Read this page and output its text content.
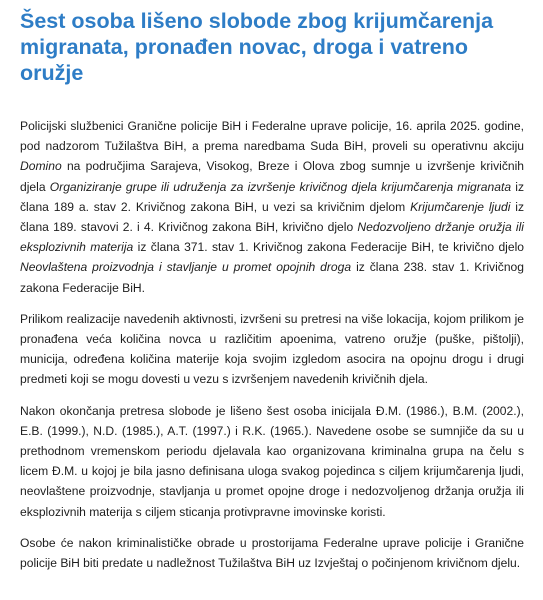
Šest osoba lišeno slobode zbog krijumčarenja migranata, pronađen novac, droga i vatreno oružje

Policijski službenici Granične policije BiH i Federalne uprave policije, 16. aprila 2025. godine, pod nadzorom Tužilaštva BiH, a prema naredbama Suda BiH, proveli su operativnu akciju Domino na područjima Sarajeva, Visokog, Breze i Olova zbog sumnje u izvršenje krivičnih djela Organiziranje grupe ili udruženja za izvršenje krivičnog djela krijumčarenja migranata iz člana 189 a. stav 2. Krivičnog zakona BiH, u vezi sa krivičnim djelom Krijumčarenje ljudi iz člana 189. stavovi 2. i 4. Krivičnog zakona BiH, krivično djelo Nedozvoljeno držanje oružja ili eksplozivnih materija iz člana 371. stav 1. Krivičnog zakona Federacije BiH, te krivično djelo Neovlaštena proizvodnja i stavljanje u promet opojnih droga iz člana 238. stav 1. Krivičnog zakona Federacije BiH.

Prilikom realizacije navedenih aktivnosti, izvršeni su pretresi na više lokacija, kojom prilikom je pronađena veća količina novca u različitim apoenima, vatreno oružje (puške, pištolji), municija, određena količina materije koja svojim izgledom asocira na opojnu drogu i drugi predmeti koji se mogu dovesti u vezu s izvršenjem navedenih krivičnih djela.

Nakon okončanja pretresa slobode je lišeno šest osoba inicijala Đ.M. (1986.), B.M. (2002.), E.B. (1999.), N.D. (1985.), A.T. (1997.) i R.K. (1965.). Navedene osobe se sumnjiče da su u prethodnom vremenskom periodu djelavala kao organizovana kriminalna grupa na čelu s licem Đ.M. u kojoj je bila jasno definisana uloga svakog pojedinca s ciljem krijumčarenja ljudi, neovlaštene proizvodnje, stavljanja u promet opojne droge i nedozvoljenog držanja oružja ili eksplozivnih materija s ciljem sticanja protivpravne imovinske koristi.

Osobe će nakon kriminalističke obrade u prostorijama Federalne uprave policije i Granične policije BiH biti predate u nadležnost Tužilaštva BiH uz Izvještaj o počinjenom krivičnom djelu.
